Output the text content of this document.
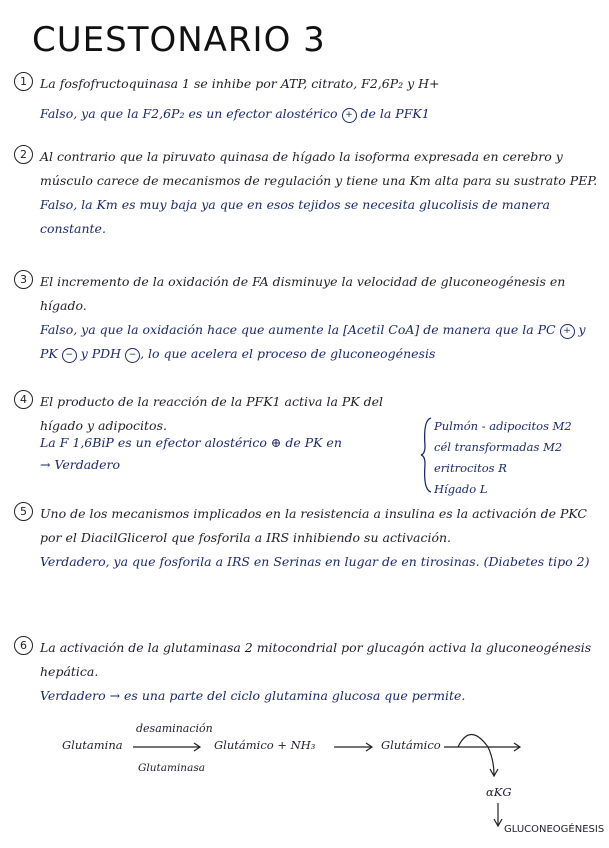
CUESTONARIO 3
1	La fosfofructoquinasa 1 se inhibe por ATP, citrato, F2,6P₂ y H+
Falso, ya que la F2,6P₂ es un efector alostérico + de la PFK1
2	Al contrario que la piruvato quinasa de hígado la isoforma expresada en cerebro y músculo carece de mecanismos de regulación y tiene una Km alta para su sustrato PEP.
Falso, la Km es muy baja ya que en esos tejidos se necesita glucolisis de manera constante.
3	El incremento de la oxidación de FA disminuye la velocidad de gluconeogénesis en hígado.
Falso, ya que la oxidación hace que aumente la [Acetil CoA] de manera que la PC + y PK − y PDH − , lo que acelera el proceso de gluconeogénesis
4	El producto de la reacción de la PFK1 activa la PK del hígado y adipocitos.
La F 1,6BiP es un efector alostérico ⊕ de PK en
→ Verdadero
Pulmón - adipocitos M2
cél transformadas M2
eritrocitos R
Hígado L
5	Uno de los mecanismos implicados en la resistencia a insulina es la activación de PKC por el DiacilGlicerol que fosforila a IRS inhibiendo su activación.
Verdadero, ya que fosforila a IRS en Serinas en lugar de en tirosinas. (Diabetes tipo 2)
6	La activación de la glutaminasa 2 mitocondrial por glucagón activa la gluconeogénesis hepática.
Verdadero → es una parte del ciclo glutamina glucosa que permite.
Glutamina
desaminación
Glutaminasa
Glutámico + NH₃	Glutámico
αKG
GLUCONEOGÉNESIS
